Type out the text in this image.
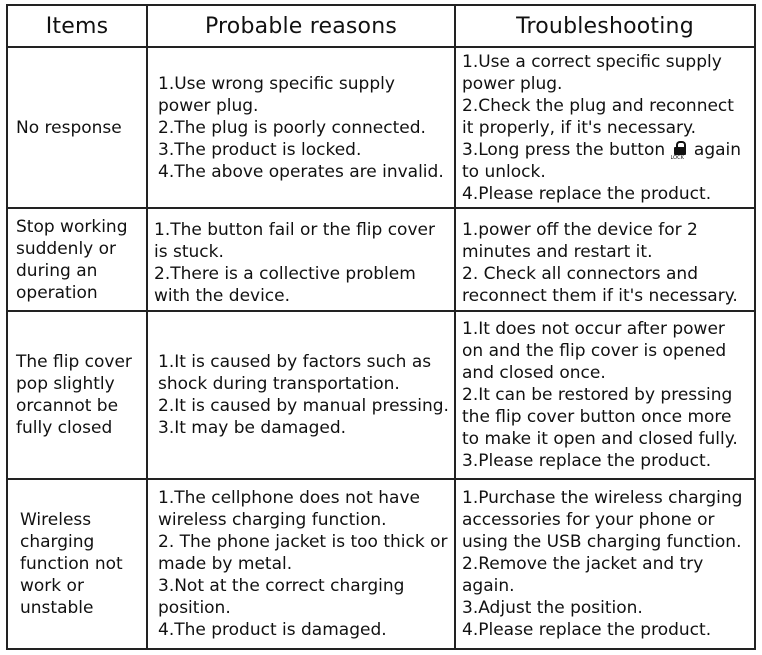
Items	Probable reasons	Troubleshooting
No response
1.Use wrong specific supply
power plug.
2.The plug is poorly connected.
3.The product is locked.
4.The above operates are invalid.
1.Use a correct specific supply
power plug.
2.Check the plug and reconnect
it properly, if it's necessary.
3.Long press the button LOCK again
to unlock.
4.Please replace the product.
Stop working
suddenly or
during an
operation
1.The button fail or the flip cover
is stuck.
2.There is a collective problem
with the device.
1.power off the device for 2
minutes and restart it.
2. Check all connectors and
reconnect them if it's necessary.
The flip cover
pop slightly
orcannot be
fully closed
1.It is caused by factors such as
shock during transportation.
2.It is caused by manual pressing.
3.It may be damaged.
1.It does not occur after power
on and the flip cover is opened
and closed once.
2.It can be restored by pressing
the flip cover button once more
to make it open and closed fully.
3.Please replace the product.
Wireless
charging
function not
work or
unstable
1.The cellphone does not have
wireless charging function.
2. The phone jacket is too thick or
made by metal.
3.Not at the correct charging
position.
4.The product is damaged.
1.Purchase the wireless charging
accessories for your phone or
using the USB charging function.
2.Remove the jacket and try
again.
3.Adjust the position.
4.Please replace the product.
